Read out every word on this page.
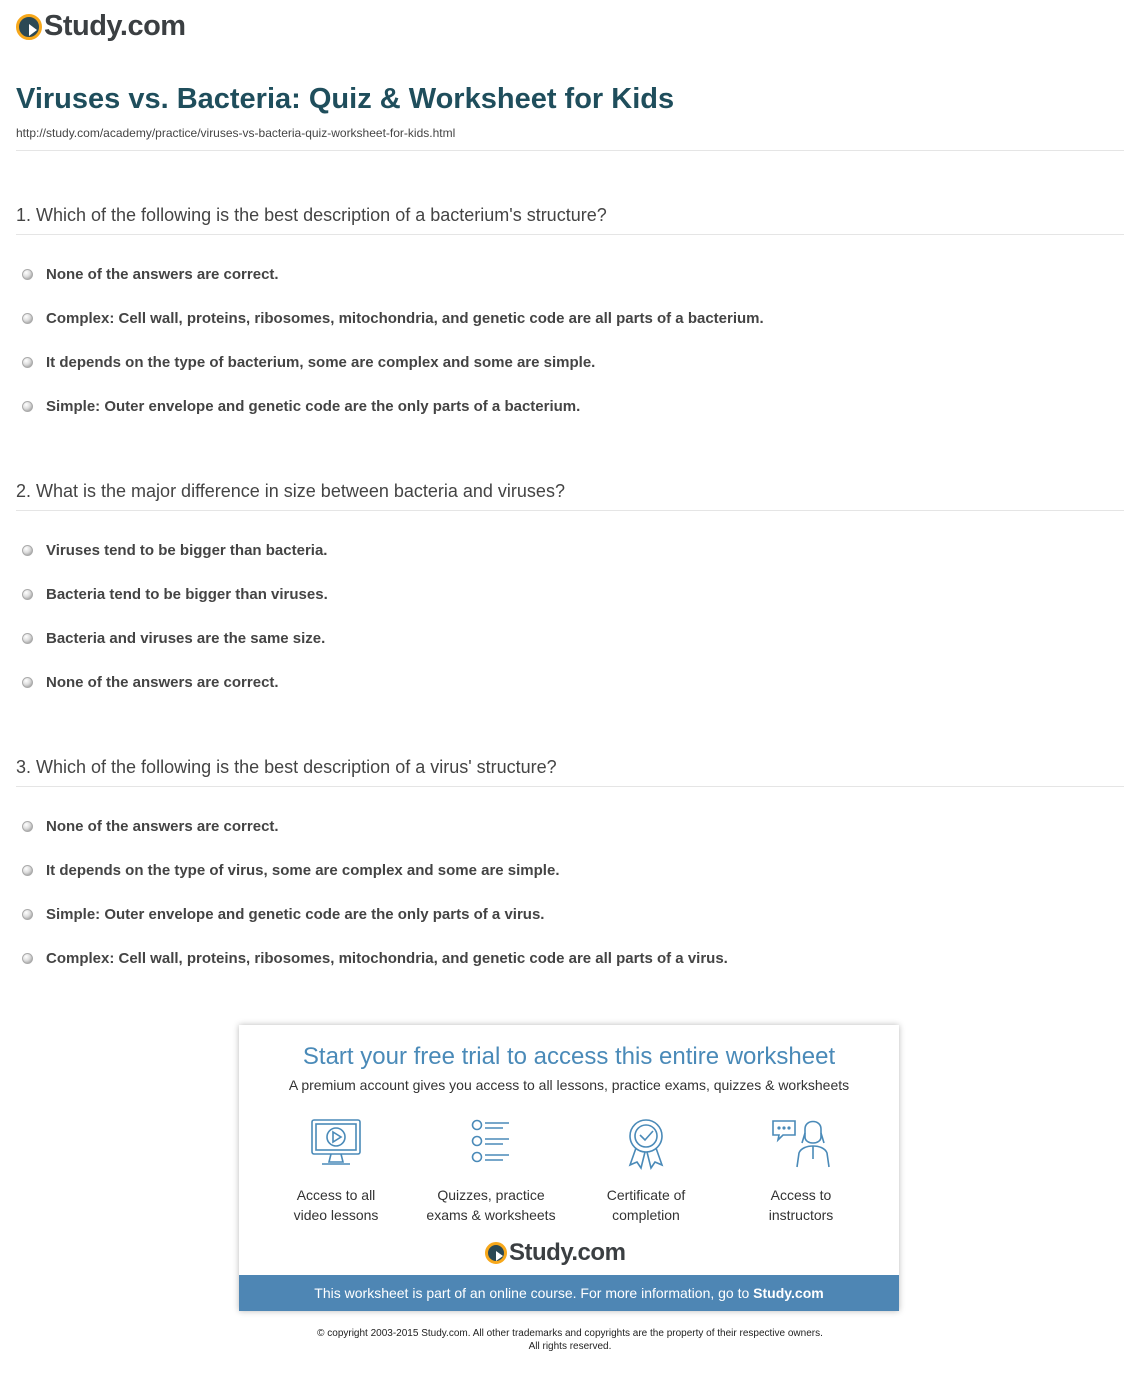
Study.com
Viruses vs. Bacteria: Quiz & Worksheet for Kids
http://study.com/academy/practice/viruses-vs-bacteria-quiz-worksheet-for-kids.html
1. Which of the following is the best description of a bacterium's structure?
None of the answers are correct.
Complex: Cell wall, proteins, ribosomes, mitochondria, and genetic code are all parts of a bacterium.
It depends on the type of bacterium, some are complex and some are simple.
Simple: Outer envelope and genetic code are the only parts of a bacterium.
2. What is the major difference in size between bacteria and viruses?
Viruses tend to be bigger than bacteria.
Bacteria tend to be bigger than viruses.
Bacteria and viruses are the same size.
None of the answers are correct.
3. Which of the following is the best description of a virus' structure?
None of the answers are correct.
It depends on the type of virus, some are complex and some are simple.
Simple: Outer envelope and genetic code are the only parts of a virus.
Complex: Cell wall, proteins, ribosomes, mitochondria, and genetic code are all parts of a virus.
Start your free trial to access this entire worksheet
A premium account gives you access to all lessons, practice exams, quizzes & worksheets
Access to all
video lessons
Quizzes, practice
exams & worksheets
Certificate of
completion
Access to
instructors
Study.com
This worksheet is part of an online course. For more information, go to Study.com
© copyright 2003-2015 Study.com. All other trademarks and copyrights are the property of their respective owners.
All rights reserved.
